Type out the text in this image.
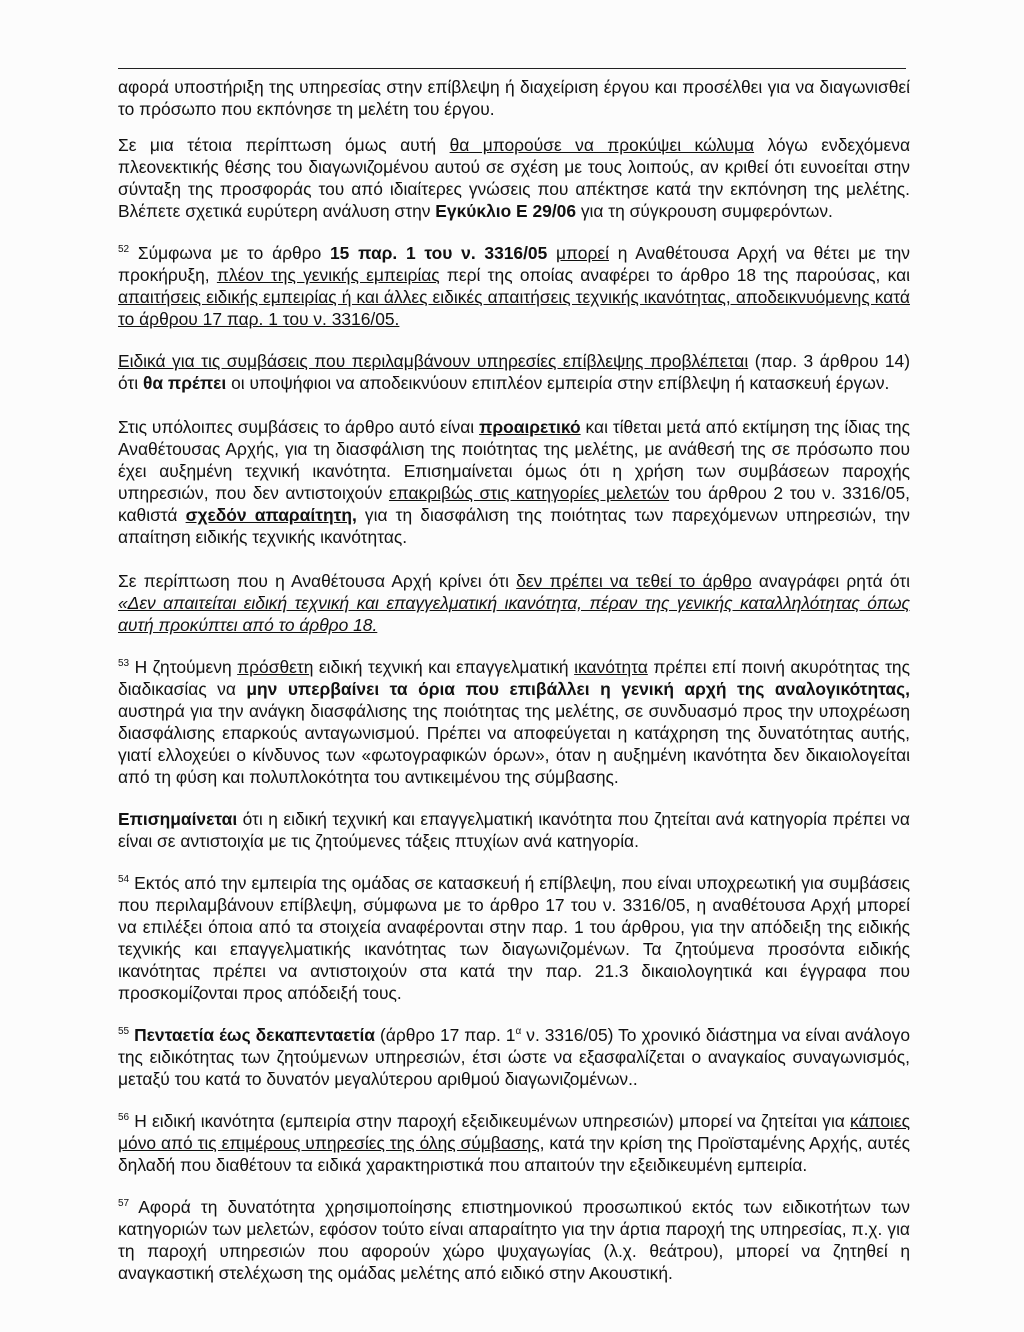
αφορά υποστήριξη της υπηρεσίας στην επίβλεψη ή διαχείριση έργου και προσέλθει για να διαγωνισθεί το πρόσωπο που εκπόνησε τη μελέτη του έργου.

Σε μια τέτοια περίπτωση όμως αυτή θα μπορούσε να προκύψει κώλυμα λόγω ενδεχόμενα πλεονεκτικής θέσης του διαγωνιζομένου αυτού σε σχέση με τους λοιπούς, αν κριθεί ότι ευνοείται στην σύνταξη της προσφοράς του από ιδιαίτερες γνώσεις που απέκτησε κατά την εκπόνηση της μελέτης. Βλέπετε σχετικά ευρύτερη ανάλυση στην Εγκύκλιο Ε 29/06 για τη σύγκρουση συμφερόντων.

$^{52}$ Σύμφωνα με το άρθρο 15 παρ. 1 του ν. 3316/05 μπορεί η Αναθέτουσα Αρχή να θέτει με την προκήρυξη, πλέον της γενικής εμπειρίας περί της οποίας αναφέρει το άρθρο 18 της παρούσας, και απαιτήσεις ειδικής εμπειρίας ή και άλλες ειδικές απαιτήσεις τεχνικής ικανότητας, αποδεικνυόμενης κατά το άρθρου 17 παρ. 1 του ν. 3316/05.

Ειδικά για τις συμβάσεις που περιλαμβάνουν υπηρεσίες επίβλεψης προβλέπεται (παρ. 3 άρθρου 14) ότι θα πρέπει οι υποψήφιοι να αποδεικνύουν επιπλέον εμπειρία στην επίβλεψη ή κατασκευή έργων.

Στις υπόλοιπες συμβάσεις το άρθρο αυτό είναι προαιρετικό και τίθεται μετά από εκτίμηση της ίδιας της Αναθέτουσας Αρχής, για τη διασφάλιση της ποιότητας της μελέτης, με ανάθεσή της σε πρόσωπο που έχει αυξημένη τεχνική ικανότητα. Επισημαίνεται όμως ότι η χρήση των συμβάσεων παροχής υπηρεσιών, που δεν αντιστοιχούν επακριβώς στις κατηγορίες μελετών του άρθρου 2 του ν. 3316/05, καθιστά σχεδόν απαραίτητη, για τη διασφάλιση της ποιότητας των παρεχόμενων υπηρεσιών, την απαίτηση ειδικής τεχνικής ικανότητας.

Σε περίπτωση που η Αναθέτουσα Αρχή κρίνει ότι δεν πρέπει να τεθεί το άρθρο αναγράφει ρητά ότι «Δεν απαιτείται ειδική τεχνική και επαγγελματική ικανότητα, πέραν της γενικής καταλληλότητας όπως αυτή προκύπτει από το άρθρο 18.

$^{53}$ Η ζητούμενη πρόσθετη ειδική τεχνική και επαγγελματική ικανότητα πρέπει επί ποινή ακυρότητας της διαδικασίας να μην υπερβαίνει τα όρια που επιβάλλει η γενική αρχή της αναλογικότητας, αυστηρά για την ανάγκη διασφάλισης της ποιότητας της μελέτης, σε συνδυασμό προς την υποχρέωση διασφάλισης επαρκούς ανταγωνισμού. Πρέπει να αποφεύγεται η κατάχρηση της δυνατότητας αυτής, γιατί ελλοχεύει ο κίνδυνος των «φωτογραφικών όρων», όταν η αυξημένη ικανότητα δεν δικαιολογείται από τη φύση και πολυπλοκότητα του αντικειμένου της σύμβασης.

Επισημαίνεται ότι η ειδική τεχνική και επαγγελματική ικανότητα που ζητείται ανά κατηγορία πρέπει να είναι σε αντιστοιχία με τις ζητούμενες τάξεις πτυχίων ανά κατηγορία.

$^{54}$ Εκτός από την εμπειρία της ομάδας σε κατασκευή ή επίβλεψη, που είναι υποχρεωτική για συμβάσεις που περιλαμβάνουν επίβλεψη, σύμφωνα με το άρθρο 17 του ν. 3316/05, η αναθέτουσα Αρχή μπορεί να επιλέξει όποια από τα στοιχεία αναφέρονται στην παρ. 1 του άρθρου, για την απόδειξη της ειδικής τεχνικής και επαγγελματικής ικανότητας των διαγωνιζομένων. Τα ζητούμενα προσόντα ειδικής ικανότητας πρέπει να αντιστοιχούν στα κατά την παρ. 21.3 δικαιολογητικά και έγγραφα που προσκομίζονται προς απόδειξή τους.

$^{55}$ Πενταετία έως δεκαπενταετία (άρθρο 17 παρ. $1^\alpha$ ν. 3316/05) Το χρονικό διάστημα να είναι ανάλογο της ειδικότητας των ζητούμενων υπηρεσιών, έτσι ώστε να εξασφαλίζεται ο αναγκαίος συναγωνισμός, μεταξύ του κατά το δυνατόν μεγαλύτερου αριθμού διαγωνιζομένων..

$^{56}$ Η ειδική ικανότητα (εμπειρία στην παροχή εξειδικευμένων υπηρεσιών) μπορεί να ζητείται για κάποιες μόνο από τις επιμέρους υπηρεσίες της όλης σύμβασης, κατά την κρίση της Προϊσταμένης Αρχής, αυτές δηλαδή που διαθέτουν τα ειδικά χαρακτηριστικά που απαιτούν την εξειδικευμένη εμπειρία.

$^{57}$ Αφορά τη δυνατότητα χρησιμοποίησης επιστημονικού προσωπικού εκτός των ειδικοτήτων των κατηγοριών των μελετών, εφόσον τούτο είναι απαραίτητο για την άρτια παροχή της υπηρεσίας, π.χ. για τη παροχή υπηρεσιών που αφορούν χώρο ψυχαγωγίας (λ.χ. θεάτρου), μπορεί να ζητηθεί η αναγκαστική στελέχωση της ομάδας μελέτης από ειδικό στην Ακουστική.
